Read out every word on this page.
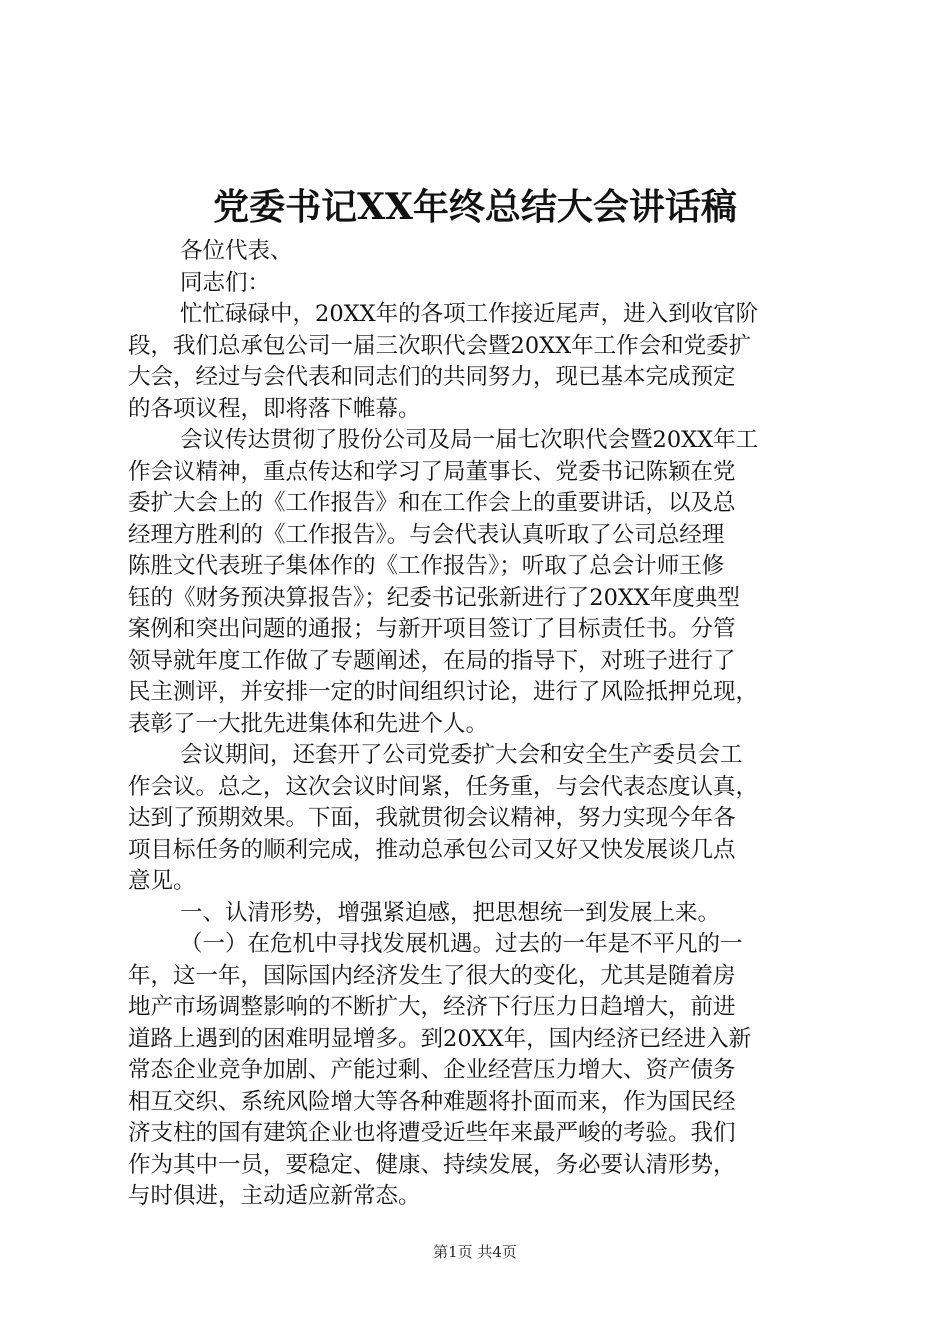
党委书记XX年终总结大会讲话稿
各位代表、
同志们：
忙忙碌碌中，20XX年的各项工作接近尾声，进入到收官阶
段，我们总承包公司一届三次职代会暨20XX年工作会和党委扩
大会，经过与会代表和同志们的共同努力，现已基本完成预定
的各项议程，即将落下帷幕。
会议传达贯彻了股份公司及局一届七次职代会暨20XX年工
作会议精神，重点传达和学习了局董事长、党委书记陈颖在党
委扩大会上的《工作报告》和在工作会上的重要讲话，以及总
经理方胜利的《工作报告》。与会代表认真听取了公司总经理
陈胜文代表班子集体作的《工作报告》；听取了总会计师王修
钰的《财务预决算报告》；纪委书记张新进行了20XX年度典型
案例和突出问题的通报；与新开项目签订了目标责任书。分管
领导就年度工作做了专题阐述，在局的指导下，对班子进行了
民主测评，并安排一定的时间组织讨论，进行了风险抵押兑现，
表彰了一大批先进集体和先进个人。
会议期间，还套开了公司党委扩大会和安全生产委员会工
作会议。总之，这次会议时间紧，任务重，与会代表态度认真，
达到了预期效果。下面，我就贯彻会议精神，努力实现今年各
项目标任务的顺利完成，推动总承包公司又好又快发展谈几点
意见。
一、认清形势，增强紧迫感，把思想统一到发展上来。
（一）在危机中寻找发展机遇。过去的一年是不平凡的一
年，这一年，国际国内经济发生了很大的变化，尤其是随着房
地产市场调整影响的不断扩大，经济下行压力日趋增大，前进
道路上遇到的困难明显增多。到20XX年，国内经济已经进入新
常态企业竞争加剧、产能过剩、企业经营压力增大、资产债务
相互交织、系统风险增大等各种难题将扑面而来，作为国民经
济支柱的国有建筑企业也将遭受近些年来最严峻的考验。我们
作为其中一员，要稳定、健康、持续发展，务必要认清形势，
与时俱进，主动适应新常态。
第1页 共4页
